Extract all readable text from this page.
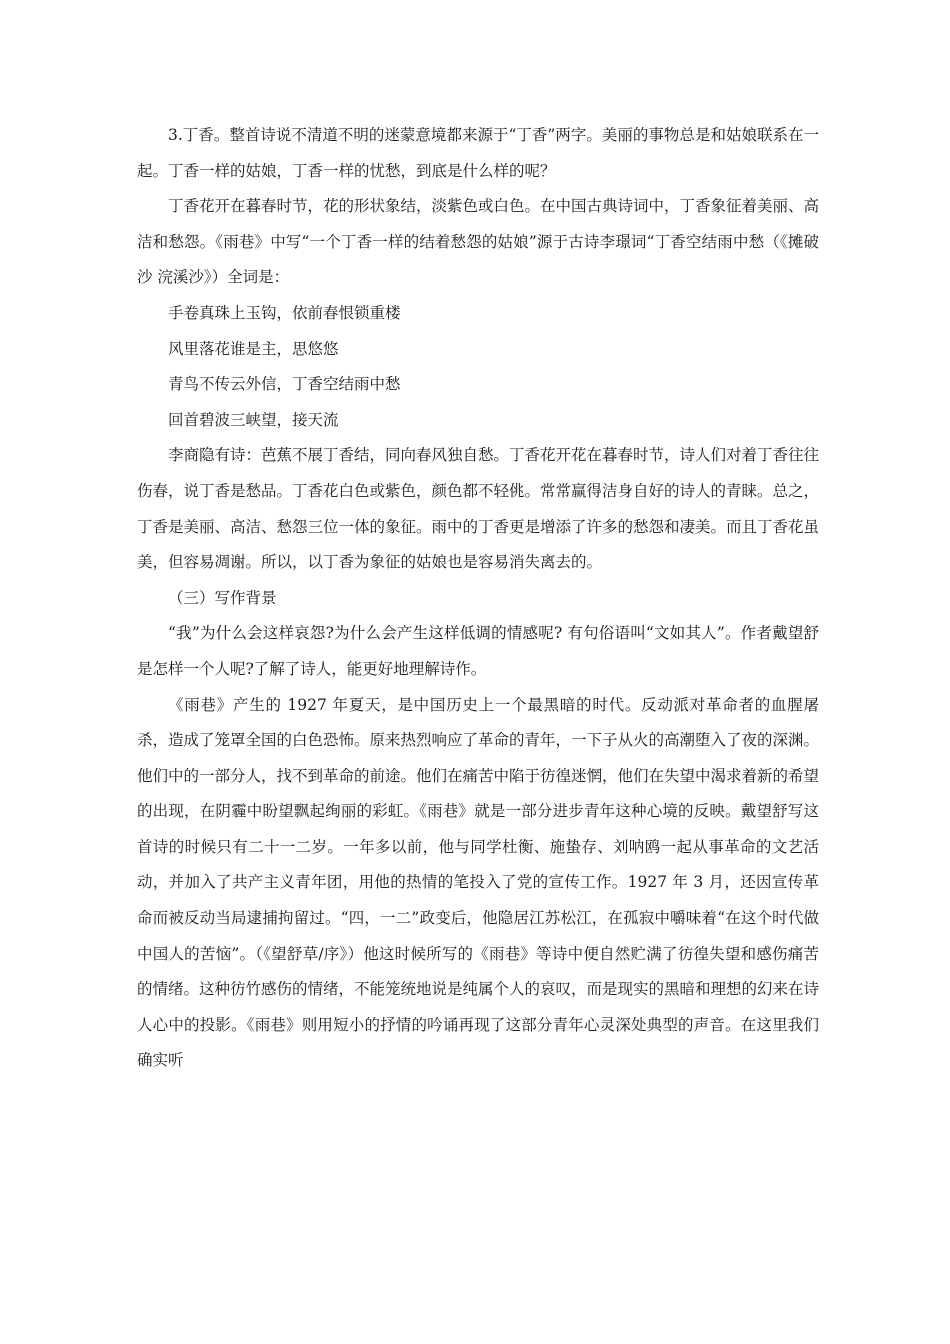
3.丁香。整首诗说不清道不明的迷蒙意境都来源于“丁香”两字。美丽的事物总是和姑娘联系在一起。丁香一样的姑娘，丁香一样的忧愁，到底是什么样的呢？

丁香花开在暮春时节，花的形状象结，淡紫色或白色。在中国古典诗词中，丁香象征着美丽、高洁和愁怨。《雨巷》中写“一个丁香一样的结着愁怨的姑娘”源于古诗李璟词“丁香空结雨中愁（《摊破沙 浣溪沙》）全词是：

手卷真珠上玉钩，依前春恨锁重楼

风里落花谁是主，思悠悠

青鸟不传云外信，丁香空结雨中愁

回首碧波三峡望，接天流

李商隐有诗：芭蕉不展丁香结，同向春风独自愁。丁香花开花在暮春时节，诗人们对着丁香往往伤春，说丁香是愁品。丁香花白色或紫色，颜色都不轻佻。常常赢得洁身自好的诗人的青睐。总之，丁香是美丽、高洁、愁怨三位一体的象征。雨中的丁香更是增添了许多的愁怨和凄美。而且丁香花虽美，但容易凋谢。所以，以丁香为象征的姑娘也是容易消失离去的。

（三）写作背景

“我”为什么会这样哀怨?为什么会产生这样低调的情感呢? 有句俗语叫“文如其人”。作者戴望舒是怎样一个人呢?了解了诗人，能更好地理解诗作。

《雨巷》产生的 1927 年夏天，是中国历史上一个最黑暗的时代。反动派对革命者的血腥屠杀，造成了笼罩全国的白色恐怖。原来热烈响应了革命的青年，一下子从火的高潮堕入了夜的深渊。他们中的一部分人，找不到革命的前途。他们在痛苦中陷于彷徨迷惘，他们在失望中渴求着新的希望的出现，在阴霾中盼望飘起绚丽的彩虹。《雨巷》就是一部分进步青年这种心境的反映。戴望舒写这首诗的时候只有二十一二岁。一年多以前，他与同学杜衡、施蛰存、刘呐鸥一起从事革命的文艺活动，并加入了共产主义青年团，用他的热情的笔投入了党的宣传工作。1927 年 3 月，还因宣传革命而被反动当局逮捕拘留过。“四，一二”政变后，他隐居江苏松江，在孤寂中嚼味着“在这个时代做中国人的苦恼”。（《望舒草/序》）他这时候所写的《雨巷》等诗中便自然贮满了彷徨失望和感伤痛苦的情绪。这种彷竹感伤的情绪，不能笼统地说是纯属个人的哀叹，而是现实的黑暗和理想的幻来在诗人心中的投影。《雨巷》则用短小的抒情的吟诵再现了这部分青年心灵深处典型的声音。在这里我们确实听
